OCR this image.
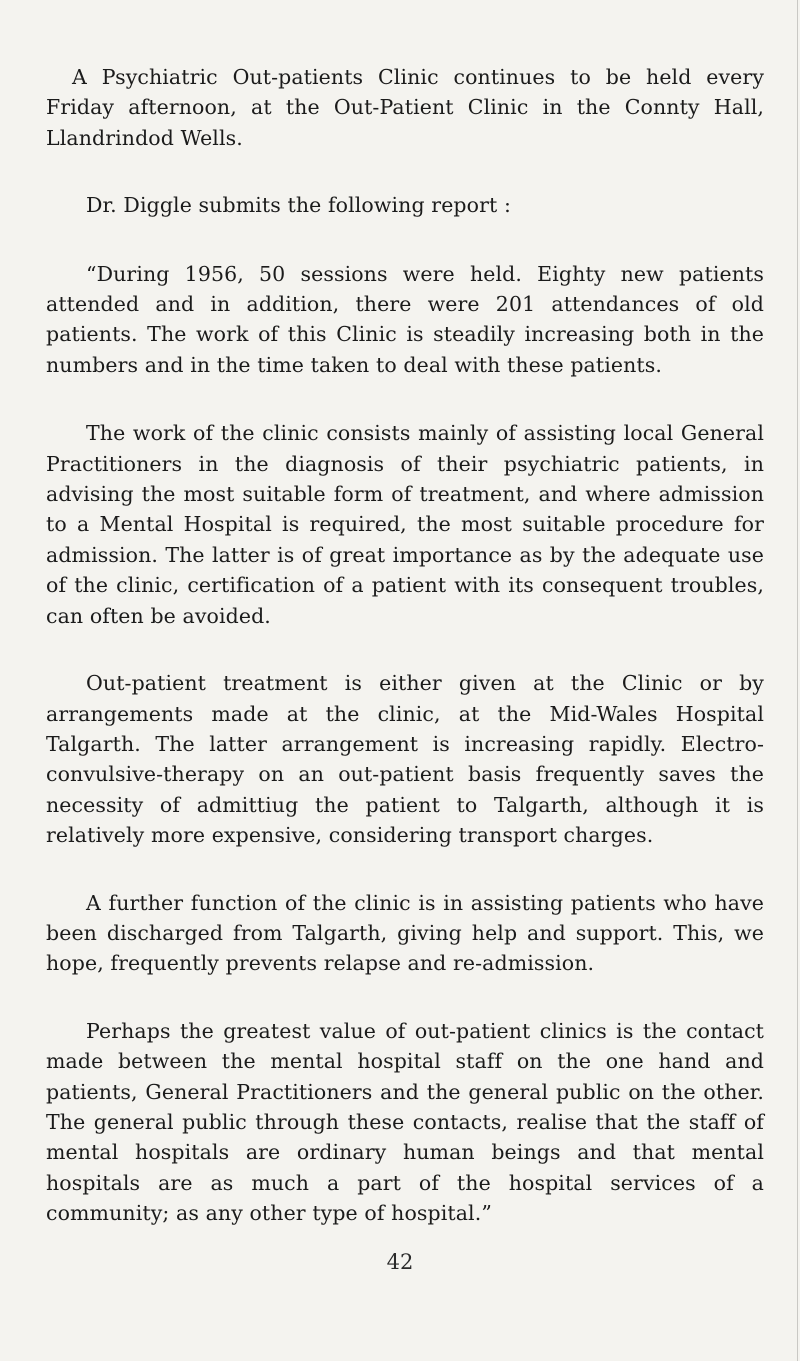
A Psychiatric Out-patients Clinic continues to be held every Friday afternoon, at the Out-Patient Clinic in the Connty Hall, Llandrindod Wells.

Dr. Diggle submits the following report :

“During 1956, 50 sessions were held. Eighty new patients attended and in addition, there were 201 attendances of old patients. The work of this Clinic is steadily increasing both in the numbers and in the time taken to deal with these patients.

The work of the clinic consists mainly of assisting local General Practitioners in the diagnosis of their psychiatric patients, in advising the most suitable form of treatment, and where admission to a Mental Hospital is required, the most suitable procedure for admission. The latter is of great importance as by the adequate use of the clinic, certification of a patient with its consequent troubles, can often be avoided.

Out-patient treatment is either given at the Clinic or by arrangements made at the clinic, at the Mid-Wales Hospital Talgarth. The latter arrangement is increasing rapidly. Electro-convulsive-therapy on an out-patient basis frequently saves the necessity of admittiug the patient to Talgarth, although it is relatively more expensive, considering transport charges.

A further function of the clinic is in assisting patients who have been discharged from Talgarth, giving help and support. This, we hope, frequently prevents relapse and re-admission.

Perhaps the greatest value of out-patient clinics is the contact made between the mental hospital staff on the one hand and patients, General Practitioners and the general public on the other. The general public through these contacts, realise that the staff of mental hospitals are ordinary human beings and that mental hospitals are as much a part of the hospital services of a community; as any other type of hospital.”

42
